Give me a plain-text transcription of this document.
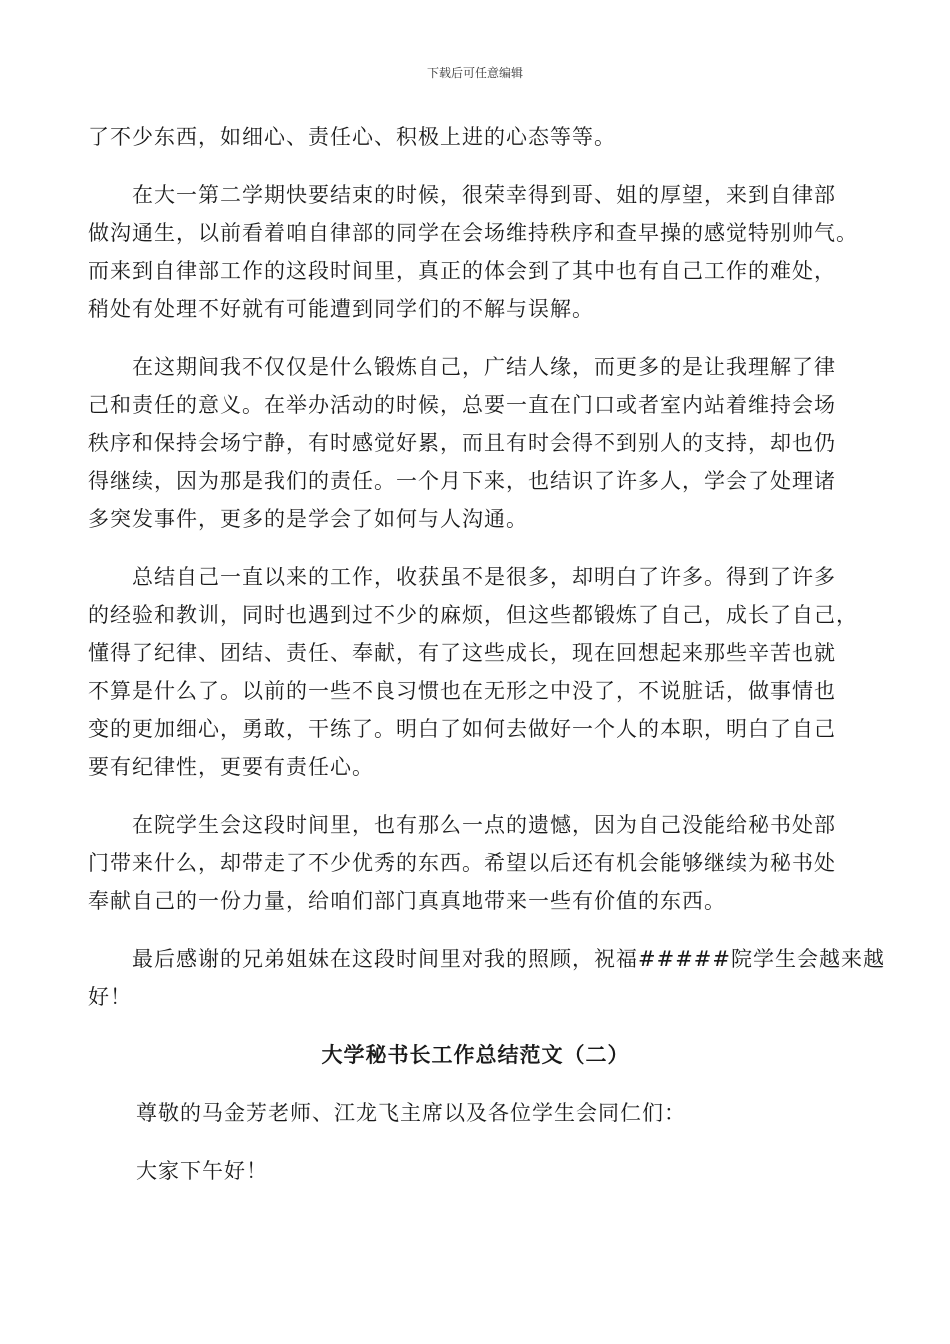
下载后可任意编辑

了不少东西，如细心、责任心、积极上进的心态等等。

　　在大一第二学期快要结束的时候，很荣幸得到哥、姐的厚望，来到自律部
做沟通生，以前看着咱自律部的同学在会场维持秩序和查早操的感觉特别帅气。
而来到自律部工作的这段时间里，真正的体会到了其中也有自己工作的难处，
稍处有处理不好就有可能遭到同学们的不解与误解。

　　在这期间我不仅仅是什么锻炼自己，广结人缘，而更多的是让我理解了律
己和责任的意义。在举办活动的时候，总要一直在门口或者室内站着维持会场
秩序和保持会场宁静，有时感觉好累，而且有时会得不到别人的支持，却也仍
得继续，因为那是我们的责任。一个月下来，也结识了许多人，学会了处理诸
多突发事件，更多的是学会了如何与人沟通。

　　总结自己一直以来的工作，收获虽不是很多，却明白了许多。得到了许多
的经验和教训，同时也遇到过不少的麻烦，但这些都锻炼了自己，成长了自己，
懂得了纪律、团结、责任、奉献，有了这些成长，现在回想起来那些辛苦也就
不算是什么了。以前的一些不良习惯也在无形之中没了，不说脏话，做事情也
变的更加细心，勇敢，干练了。明白了如何去做好一个人的本职，明白了自己
要有纪律性，更要有责任心。

　　在院学生会这段时间里，也有那么一点的遗憾，因为自己没能给秘书处部
门带来什么，却带走了不少优秀的东西。希望以后还有机会能够继续为秘书处
奉献自己的一份力量，给咱们部门真真地带来一些有价值的东西。

　　最后感谢的兄弟姐妹在这段时间里对我的照顾，祝福#####院学生会越来越
好！

大学秘书长工作总结范文（二）
尊敬的马金芳老师、江龙飞主席以及各位学生会同仁们：
大家下午好！
